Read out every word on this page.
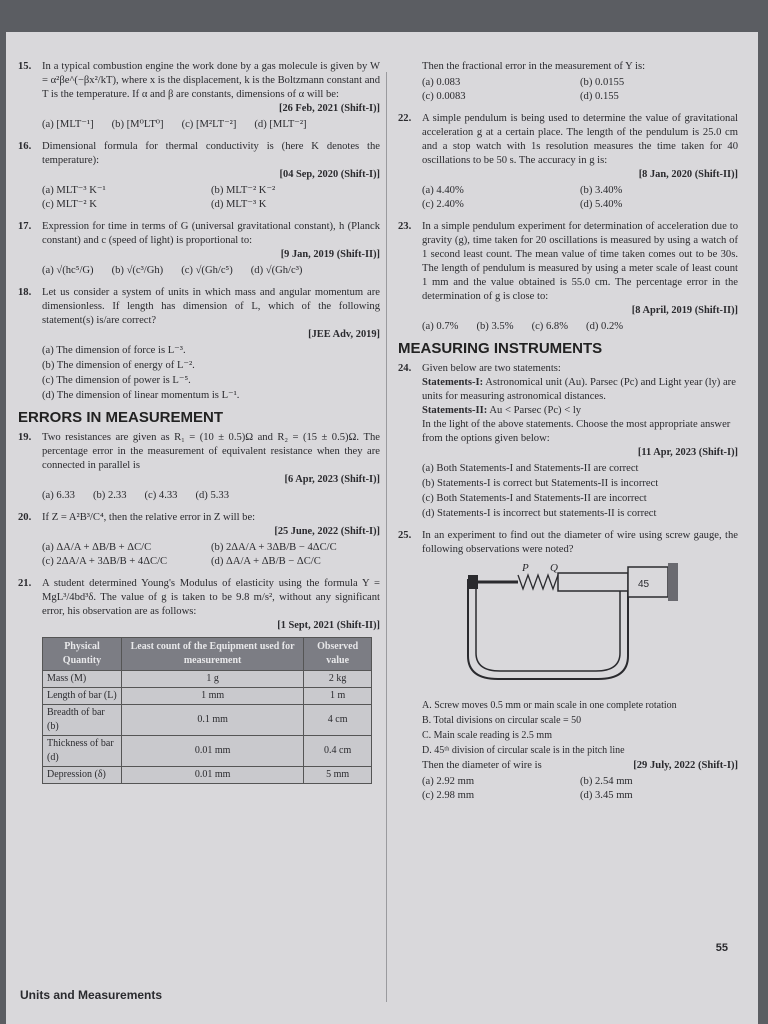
15.	In a typical combustion engine the work done by a gas molecule is given by W = α²βe^(−βx²/kT), where x is the displacement, k is the Boltzmann constant and T is the temperature. If α and β are constants, dimensions of α will be:
[26 Feb, 2021 (Shift-I)]
(a) [MLT⁻¹] (b) [M⁰LT⁰] (c) [M²LT⁻²] (d) [MLT⁻²]
16.	Dimensional formula for thermal conductivity is (here K denotes the temperature):
[04 Sep, 2020 (Shift-I)]
(a) MLT⁻³ K⁻¹	(b) MLT⁻² K⁻²
(c) MLT⁻² K	(d) MLT⁻³ K
17.	Expression for time in terms of G (universal gravitational constant), h (Planck constant) and c (speed of light) is proportional to:
[9 Jan, 2019 (Shift-II)]
(a) √(hc⁵/G) (b) √(c³/Gh) (c) √(Gh/c⁵) (d) √(Gh/c³)
18.	Let us consider a system of units in which mass and angular momentum are dimensionless. If length has dimension of L, which of the following statement(s) is/are correct?
[JEE Adv, 2019]
(a) The dimension of force is L⁻³.
(b) The dimension of energy of L⁻².
(c) The dimension of power is L⁻⁵.
(d) The dimension of linear momentum is L⁻¹.
ERRORS IN MEASUREMENT
19.	Two resistances are given as R₁ = (10 ± 0.5)Ω and R₂ = (15 ± 0.5)Ω. The percentage error in the measurement of equivalent resistance when they are connected in parallel is
[6 Apr, 2023 (Shift-I)]
(a) 6.33 (b) 2.33 (c) 4.33 (d) 5.33
20.	If Z = A²B³/C⁴, then the relative error in Z will be:
[25 June, 2022 (Shift-I)]
(a) ΔA/A + ΔB/B + ΔC/C	(b) 2ΔA/A + 3ΔB/B − 4ΔC/C
(c) 2ΔA/A + 3ΔB/B + 4ΔC/C	(d) ΔA/A + ΔB/B − ΔC/C
21.	A student determined Young's Modulus of elasticity using the formula Y = MgL³/4bd³δ. The value of g is taken to be 9.8 m/s², without any significant error, his observation are as follows:
[1 Sept, 2021 (Shift-II)]
Physical Quantity	Least count of the Equipment used for measurement	Observed value
Mass (M)	1 g	2 kg
Length of bar (L)	1 mm	1 m
Breadth of bar (b)	0.1 mm	4 cm
Thickness of bar (d)	0.01 mm	0.4 cm
Depression (δ)	0.01 mm	5 mm
Then the fractional error in the measurement of Y is:
(a) 0.083	(b) 0.0155
(c) 0.0083	(d) 0.155
22.	A simple pendulum is being used to determine the value of gravitational acceleration g at a certain place. The length of the pendulum is 25.0 cm and a stop watch with 1s resolution measures the time taken for 40 oscillations to be 50 s. The accuracy in g is:
[8 Jan, 2020 (Shift-II)]
(a) 4.40%	(b) 3.40%
(c) 2.40%	(d) 5.40%
23.	In a simple pendulum experiment for determination of acceleration due to gravity (g), time taken for 20 oscillations is measured by using a watch of 1 second least count. The mean value of time taken comes out to be 30s. The length of pendulum is measured by using a meter scale of least count 1 mm and the value obtained is 55.0 cm. The percentage error in the determination of g is close to:
[8 April, 2019 (Shift-II)]
(a) 0.7% (b) 3.5% (c) 6.8% (d) 0.2%
MEASURING INSTRUMENTS
24.	Given below are two statements:
Statements-I: Astronomical unit (Au). Parsec (Pc) and Light year (ly) are units for measuring astronomical distances.
Statements-II: Au < Parsec (Pc) < ly
In the light of the above statements. Choose the most appropriate answer from the options given below:
[11 Apr, 2023 (Shift-I)]
(a) Both Statements-I and Statements-II are correct
(b) Statements-I is correct but Statements-II is incorrect
(c) Both Statements-I and Statements-II are incorrect
(d) Statements-I is incorrect but statements-II is correct
25.	In an experiment to find out the diameter of wire using screw gauge, the following observations were noted?
P Q
45
A. Screw moves 0.5 mm or main scale in one complete rotation
B. Total divisions on circular scale = 50
C. Main scale reading is 2.5 mm
D. 45ᵗʰ division of circular scale is in the pitch line
Then the diameter of wire is	[29 July, 2022 (Shift-I)]
(a) 2.92 mm	(b) 2.54 mm
(c) 2.98 mm	(d) 3.45 mm
55
Units and Measurements
